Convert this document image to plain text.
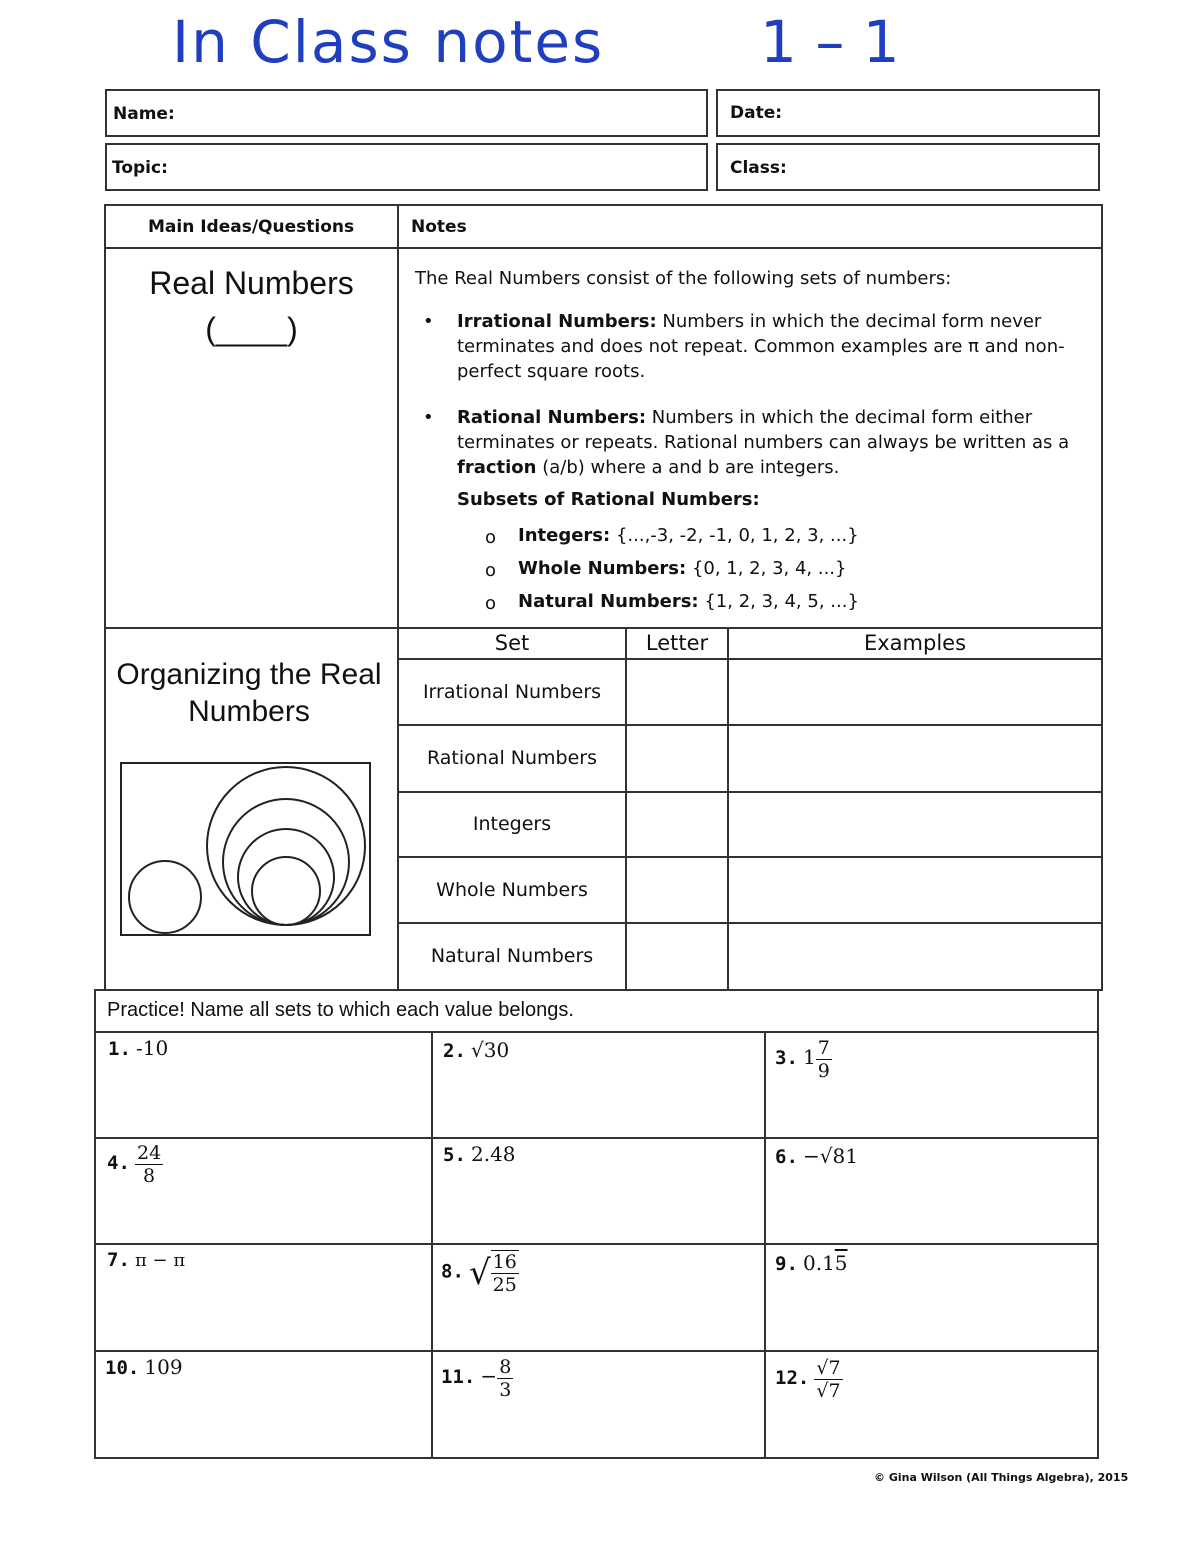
In Class notes	1 – 1
Name:	Date:
Topic:	Class:
Main Ideas/Questions	Notes
Real Numbers
(____)
The Real Numbers consist of the following sets of numbers:
• Irrational Numbers: Numbers in which the decimal form never terminates and does not repeat. Common examples are π and non-perfect square roots.
• Rational Numbers: Numbers in which the decimal form either terminates or repeats. Rational numbers can always be written as a fraction (a/b) where a and b are integers.
Subsets of Rational Numbers:
o Integers: {...,-3, -2, -1, 0, 1, 2, 3, ...}
o Whole Numbers: {0, 1, 2, 3, 4, ...}
o Natural Numbers: {1, 2, 3, 4, 5, ...}
Organizing the Real Numbers
Set	Letter	Examples
Irrational Numbers
Rational Numbers
Integers
Whole Numbers
Natural Numbers
Practice! Name all sets to which each value belongs.
1. -10	2. √30	3. $1 \frac{7}{9}$
4. $\frac{24}{8}$	5. 2.48	6. −√81
7. π − π	8. √ $\frac{16}{25}$	9. 0.15
10. 109	11. − $\frac{8}{3}$	12. $\frac{√7}{√7}$
© Gina Wilson (All Things Algebra), 2015
